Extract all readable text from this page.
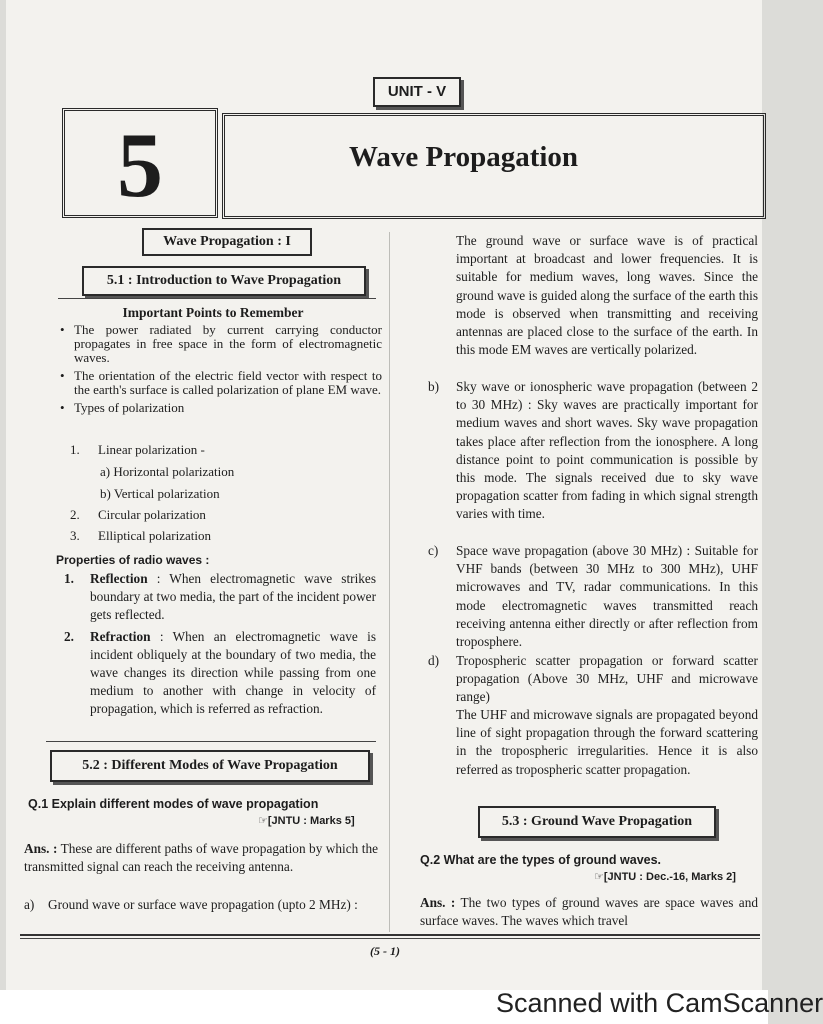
UNIT - V
5	Wave Propagation
Wave Propagation : I
5.1 : Introduction to Wave Propagation
Important Points to Remember
• The power radiated by current carrying conductor propagates in free space in the form of electromagnetic waves.
• The orientation of the electric field vector with respect to the earth's surface is called polarization of plane EM wave.
• Types of polarization
1.	Linear polarization -
a) Horizontal polarization
b) Vertical polarization
2.	Circular polarization
3.	Elliptical polarization
Properties of radio waves :
1.	Reflection : When electromagnetic wave strikes boundary at two media, the part of the incident power gets reflected.

2.	Refraction : When an electromagnetic wave is incident obliquely at the boundary of two media, the wave changes its direction while passing from one medium to another with change in velocity of propagation, which is referred as refraction.

5.2 : Different Modes of Wave Propagation
Q.1 Explain different modes of wave propagation
☞[JNTU : Marks 5]

Ans. : These are different paths of wave propagation by which the transmitted signal can reach the receiving antenna.

a)	Ground wave or surface wave propagation (upto 2 MHz) :

The ground wave or surface wave is of practical important at broadcast and lower frequencies. It is suitable for medium waves, long waves. Since the ground wave is guided along the surface of the earth this mode is observed when transmitting and receiving antennas are placed close to the surface of the earth. In this mode EM waves are vertically polarized.

b)	Sky wave or ionospheric wave propagation (between 2 to 30 MHz) : Sky waves are practically important for medium waves and short waves. Sky wave propagation takes place after reflection from the ionosphere. A long distance point to point communication is possible by this mode. The signals received due to sky wave propagation scatter from fading in which signal strength varies with time.

c)	Space wave propagation (above 30 MHz) : Suitable for VHF bands (between 30 MHz to 300 MHz), UHF microwaves and TV, radar communications. In this mode electromagnetic waves transmitted reach receiving antenna either directly or after reflection from troposphere.

d)	Tropospheric scatter propagation or forward scatter propagation (Above 30 MHz, UHF and microwave range)

The UHF and microwave signals are propagated beyond line of sight propagation through the forward scattering in the tropospheric irregularities. Hence it is also referred as tropospheric scatter propagation.

5.3 : Ground Wave Propagation
Q.2 What are the types of ground waves.
☞[JNTU : Dec.-16, Marks 2]

Ans. : The two types of ground waves are space waves and surface waves. The waves which travel

(5 - 1)
Scanned with CamScanner
